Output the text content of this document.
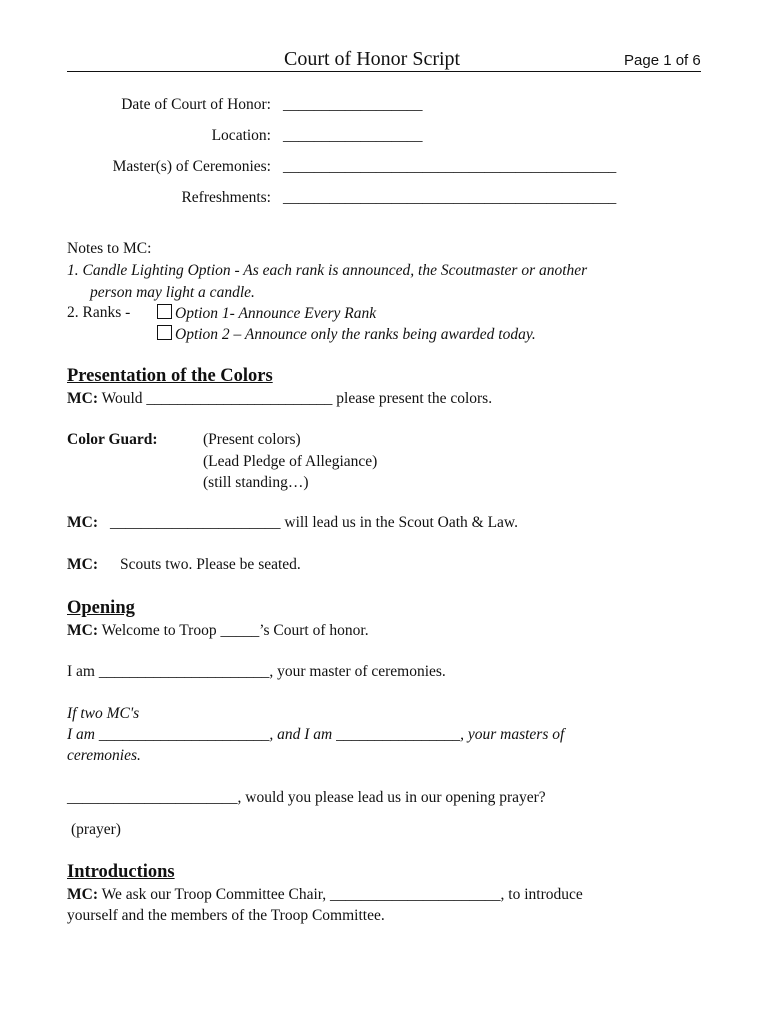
Court of Honor Script	Page 1 of 6
Date of Court of Honor: __________________
Location: __________________
Master(s) of Ceremonies: ___________________________________________
Refreshments: ___________________________________________
Notes to MC:
1. Candle Lighting Option - As each rank is announced, the Scoutmaster or another
person may light a candle.
2. Ranks -	Option 1- Announce Every Rank
Option 2 – Announce only the ranks being awarded today.
Presentation of the Colors
MC: Would ________________________ please present the colors.
Color Guard:	(Present colors)
(Lead Pledge of Allegiance)
(still standing…)
MC: ______________________ will lead us in the Scout Oath & Law.
MC: Scouts two. Please be seated.
Opening
MC: Welcome to Troop _____’s Court of honor.
I am ______________________, your master of ceremonies.
If two MC's
I am ______________________, and I am ________________, your masters of
ceremonies.
______________________, would you please lead us in our opening prayer?
(prayer)
Introductions
MC: We ask our Troop Committee Chair, ______________________, to introduce
yourself and the members of the Troop Committee.
